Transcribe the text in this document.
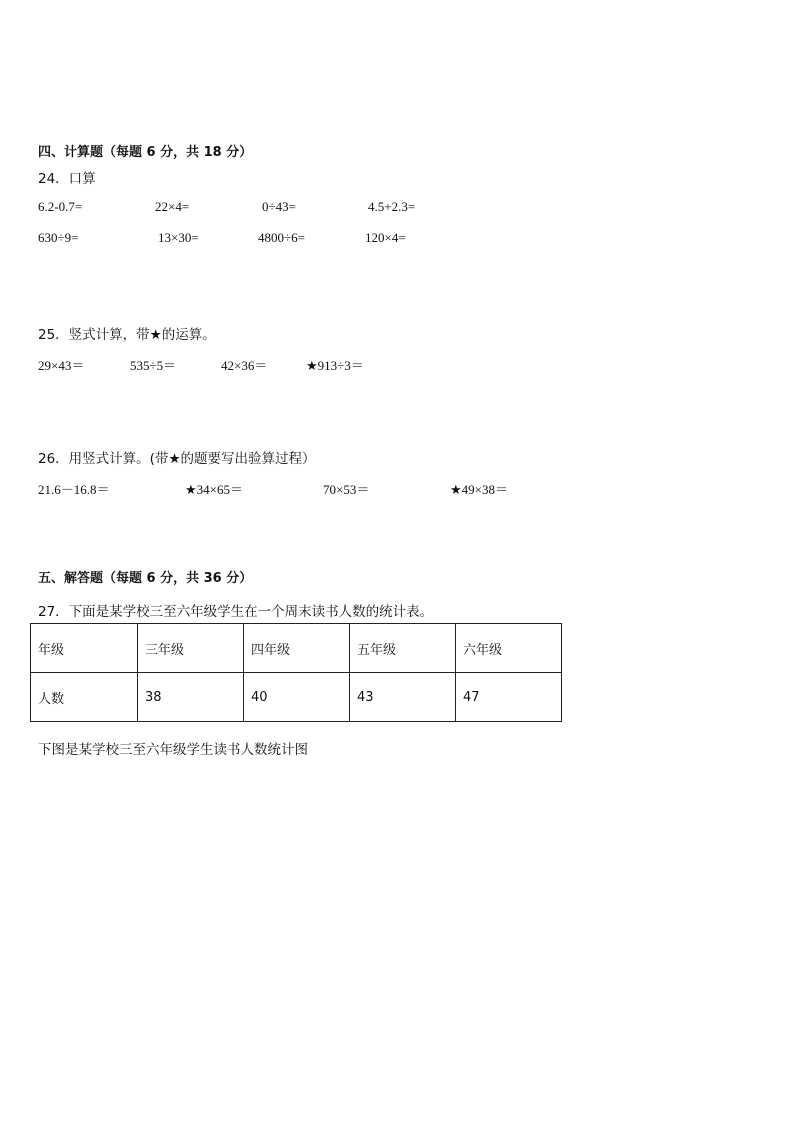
四、计算题（每题 6 分，共 18 分）
24．口算
6.2-0.7=	22×4=	0÷43=	4.5+2.3=
630÷9=	13×30=	4800÷6=	120×4=
25．竖式计算，带★的运算。
29×43＝	535÷5＝	42×36＝	★913÷3＝
26．用竖式计算。(带★的题要写出验算过程）
21.6－16.8＝	★34×65＝	70×53＝	★49×38＝
五、解答题（每题 6 分，共 36 分）
27．下面是某学校三至六年级学生在一个周末读书人数的统计表。
年级	三年级	四年级	五年级	六年级
人数	38	40	43	47
下图是某学校三至六年级学生读书人数统计图
